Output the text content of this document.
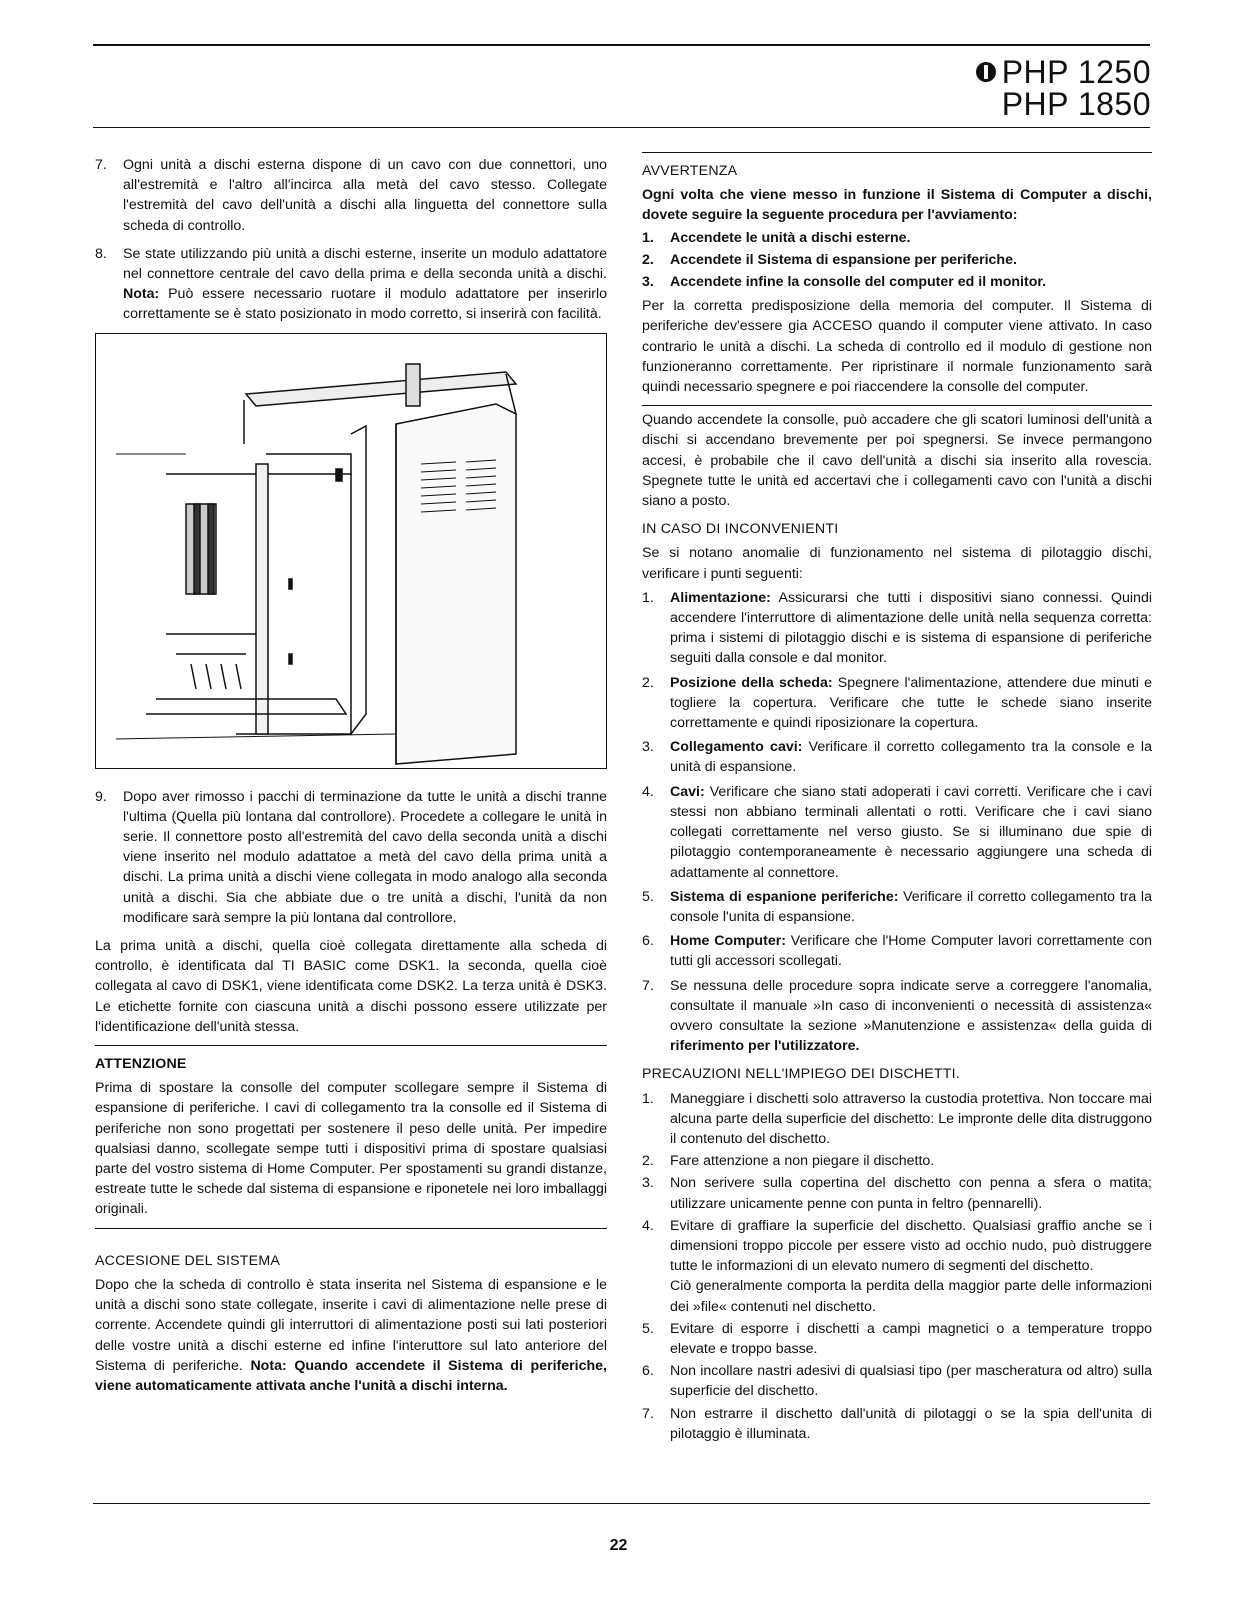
PHP 1250
PHP 1850
7.	Ogni unità a dischi esterna dispone di un cavo con due connettori, uno all'estremità e l'altro all'incirca alla metà del cavo stesso. Collegate l'estremità del cavo dell'unità a dischi alla linguetta del connettore sulla scheda di controllo.
8.	Se state utilizzando più unità a dischi esterne, inserite un modulo adattatore nel connettore centrale del cavo della prima e della seconda unità a dischi. Nota: Può essere necessario ruotare il modulo adattatore per inserirlo correttamente se è stato posizionato in modo corretto, si inserirà con facilità.
9.	Dopo aver rimosso i pacchi di terminazione da tutte le unità a dischi tranne l'ultima (Quella più lontana dal controllore). Procedete a collegare le unità in serie. Il connettore posto all'estremità del cavo della seconda unità a dischi viene inserito nel modulo adattatoe a metà del cavo della prima unità a dischi. La prima unità a dischi viene collegata in modo analogo alla seconda unità a dischi. Sia che abbiate due o tre unità a dischi, l'unità da non modificare sarà sempre la più lontana dal controllore.

La prima unità a dischi, quella cioè collegata direttamente alla scheda di controllo, è identificata dal TI BASIC come DSK1. la seconda, quella cioè collegata al cavo di DSK1, viene identificata come DSK2. La terza unità è DSK3. Le etichette fornite con ciascuna unità a dischi possono essere utilizzate per l'identificazione dell'unità stessa.

ATTENZIONE

Prima di spostare la consolle del computer scollegare sempre il Sistema di espansione di periferiche. I cavi di collegamento tra la consolle ed il Sistema di periferiche non sono progettati per sostenere il peso delle unità. Per impedire qualsiasi danno, scollegate sempe tutti i dispositivi prima di spostare qualsiasi parte del vostro sistema di Home Computer. Per spostamenti su grandi distanze, estreate tutte le schede dal sistema di espansione e riponetele nei loro imballaggi originali.

ACCESIONE DEL SISTEMA

Dopo che la scheda di controllo è stata inserita nel Sistema di espansione e le unità a dischi sono state collegate, inserite i cavi di alimentazione nelle prese di corrente. Accendete quindi gli interruttori di alimentazione posti sui lati posteriori delle vostre unità a dischi esterne ed infine l'interuttore sul lato anteriore del Sistema di periferiche. Nota: Quando accendete il Sistema di periferiche, viene automaticamente attivata anche l'unità a dischi interna.

AVVERTENZA

Ogni volta che viene messo in funzione il Sistema di Computer a dischi, dovete seguire la seguente procedura per l'avviamento:

1.	Accendete le unità a dischi esterne.
2.	Accendete il Sistema di espansione per periferiche.
3.	Accendete infine la consolle del computer ed il monitor.

Per la corretta predisposizione della memoria del computer. Il Sistema di periferiche dev'essere gia ACCESO quando il computer viene attivato. In caso contrario le unità a dischi. La scheda di controllo ed il modulo di gestione non funzioneranno correttamente. Per ripristinare il normale funzionamento sarà quindi necessario spegnere e poi riaccendere la consolle del computer.

Quando accendete la consolle, può accadere che gli scatori luminosi dell'unità a dischi si accendano brevemente per poi spegnersi. Se invece permangono accesi, è probabile che il cavo dell'unità a dischi sia inserito alla rovescia. Spegnete tutte le unità ed accertavi che i collegamenti cavo con l'unità a dischi siano a posto.

IN CASO DI INCONVENIENTI

Se si notano anomalie di funzionamento nel sistema di pilotaggio dischi, verificare i punti seguenti:

1.	Alimentazione: Assicurarsi che tutti i dispositivi siano connessi. Quindi accendere l'interruttore di alimentazione delle unità nella sequenza corretta: prima i sistemi di pilotaggio dischi e is sistema di espansione di periferiche seguiti dalla console e dal monitor.
2.	Posizione della scheda: Spegnere l'alimentazione, attendere due minuti e togliere la copertura. Verificare che tutte le schede siano inserite correttamente e quindi riposizionare la copertura.
3.	Collegamento cavi: Verificare il corretto collegamento tra la console e la unità di espansione.
4.	Cavi: Verificare che siano stati adoperati i cavi corretti. Verificare che i cavi stessi non abbiano terminali allentati o rotti. Verificare che i cavi siano collegati correttamente nel verso giusto. Se si illuminano due spie di pilotaggio contemporaneamente è necessario aggiungere una scheda di adattamente al connettore.
5.	Sistema di espanione periferiche: Verificare il corretto collegamento tra la console l'unita di espansione.
6.	Home Computer: Verificare che l'Home Computer lavori correttamente con tutti gli accessori scollegati.
7.	Se nessuna delle procedure sopra indicate serve a correggere l'anomalia, consultate il manuale »In caso di inconvenienti o necessità di assistenza« ovvero consultate la sezione »Manutenzione e assistenza« della guida di riferimento per l'utilizzatore.
PRECAUZIONI NELL'IMPIEGO DEI DISCHETTI.
1.	Maneggiare i dischetti solo attraverso la custodia protettiva. Non toccare mai alcuna parte della superficie del dischetto: Le impronte delle dita distruggono il contenuto del dischetto.
2.	Fare attenzione a non piegare il dischetto.
3.	Non serivere sulla copertina del dischetto con penna a sfera o matita; utilizzare unicamente penne con punta in feltro (pennarelli).
4.	Evitare di graffiare la superficie del dischetto. Qualsiasi graffio anche se i dimensioni troppo piccole per essere visto ad occhio nudo, può distruggere tutte le informazioni di un elevato numero di segmenti del dischetto.
Ciò generalmente comporta la perdita della maggior parte delle informazioni dei »file« contenuti nel dischetto.
5.	Evitare di esporre i dischetti a campi magnetici o a temperature troppo elevate e troppo basse.
6.	Non incollare nastri adesivi di qualsiasi tipo (per mascheratura od altro) sulla superficie del dischetto.
7.	Non estrarre il dischetto dall'unità di pilotaggi o se la spia dell'unita di pilotaggio è illuminata.
22
